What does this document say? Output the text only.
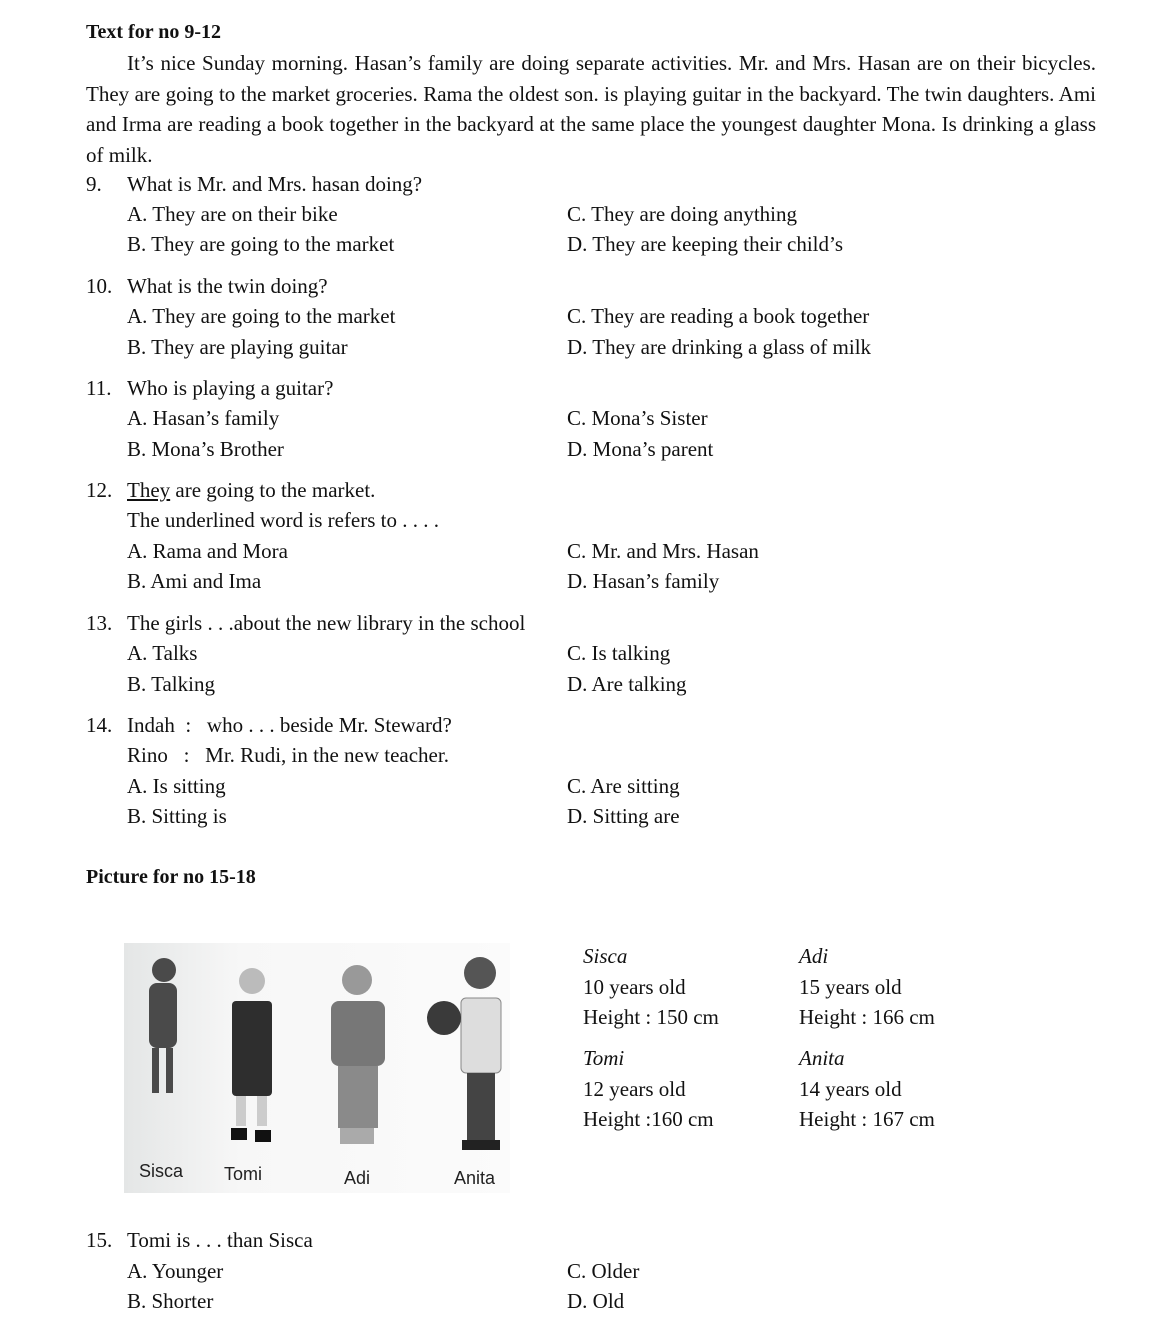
Text for no 9-12
It’s nice Sunday morning. Hasan’s family are doing separate activities. Mr. and Mrs. Hasan are on their bicycles. They are going to the market groceries. Rama the oldest son. is playing guitar in the backyard. The twin daughters. Ami and Irma are reading a book together in the backyard at the same place the youngest daughter Mona. Is drinking a glass of milk.
9. What is Mr. and Mrs. hasan doing?
A. They are on their bike
B. They are going to the market
C. They are doing anything
D. They are keeping their child’s
10. What is the twin doing?
A. They are going to the market
B. They are playing guitar
C. They are reading a book together
D. They are drinking a glass of milk
11. Who is playing a guitar?
A. Hasan’s family
B. Mona’s Brother
C. Mona’s Sister
D. Mona’s parent
12. They are going to the market.
The underlined word is refers to . . . .
A. Rama and Mora
B. Ami and Ima
C. Mr. and Mrs. Hasan
D. Hasan’s family
13. The girls . . .about the new library in the school
A. Talks
B. Talking
C. Is talking
D. Are talking
14. Indah  :   who . . . beside Mr. Steward?
Rino   :   Mr. Rudi, in the new teacher.
A. Is sitting
B. Sitting is
C. Are sitting
D. Sitting are
Picture for no 15-18
Sisca Tomi	Adi	Anita
Sisca
10 years old
Height : 150 cm
Adi
15 years old
Height : 166 cm
Tomi
12 years old
Height :160 cm
Anita
14 years old
Height : 167 cm
15. Tomi is . . . than Sisca
A. Younger
B. Shorter
C. Older
D. Old
